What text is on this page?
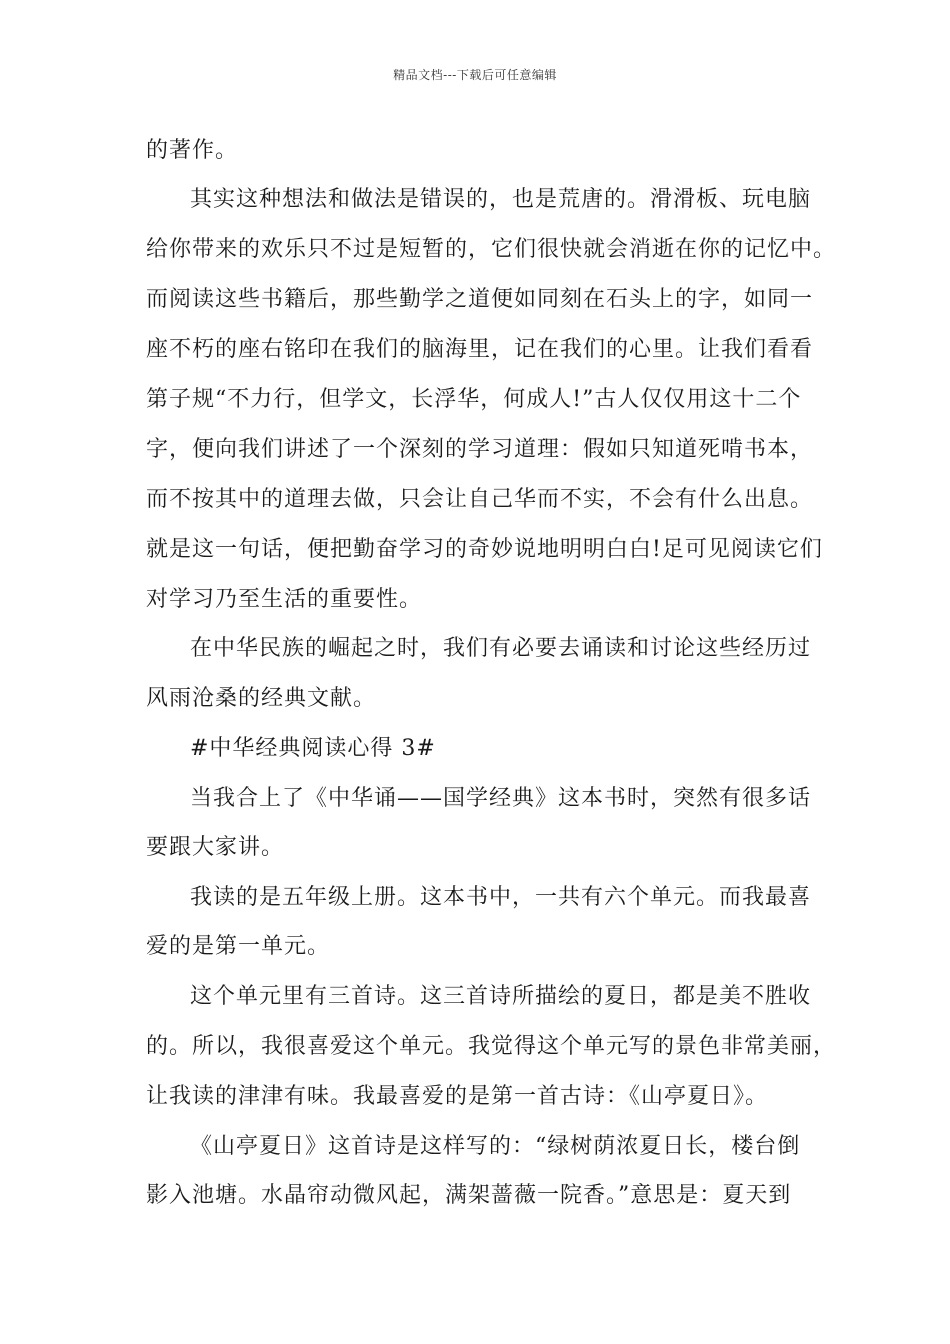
精品文档---下载后可任意编辑
的著作。
其实这种想法和做法是错误的，也是荒唐的。滑滑板、玩电脑
给你带来的欢乐只不过是短暂的，它们很快就会消逝在你的记忆中。
而阅读这些书籍后，那些勤学之道便如同刻在石头上的字，如同一
座不朽的座右铭印在我们的脑海里，记在我们的心里。让我们看看
第子规“不力行，但学文，长浮华，何成人!”古人仅仅用这十二个
字，便向我们讲述了一个深刻的学习道理：假如只知道死啃书本，
而不按其中的道理去做，只会让自己华而不实，不会有什么出息。
就是这一句话，便把勤奋学习的奇妙说地明明白白!足可见阅读它们
对学习乃至生活的重要性。
在中华民族的崛起之时，我们有必要去诵读和讨论这些经历过
风雨沧桑的经典文献。
#中华经典阅读心得 3#
当我合上了《中华诵——国学经典》这本书时，突然有很多话
要跟大家讲。
我读的是五年级上册。这本书中，一共有六个单元。而我最喜
爱的是第一单元。
这个单元里有三首诗。这三首诗所描绘的夏日，都是美不胜收
的。所以，我很喜爱这个单元。我觉得这个单元写的景色非常美丽，
让我读的津津有味。我最喜爱的是第一首古诗：《山亭夏日》。
《山亭夏日》这首诗是这样写的：“绿树荫浓夏日长，楼台倒
影入池塘。水晶帘动微风起，满架蔷薇一院香。”意思是：夏天到
